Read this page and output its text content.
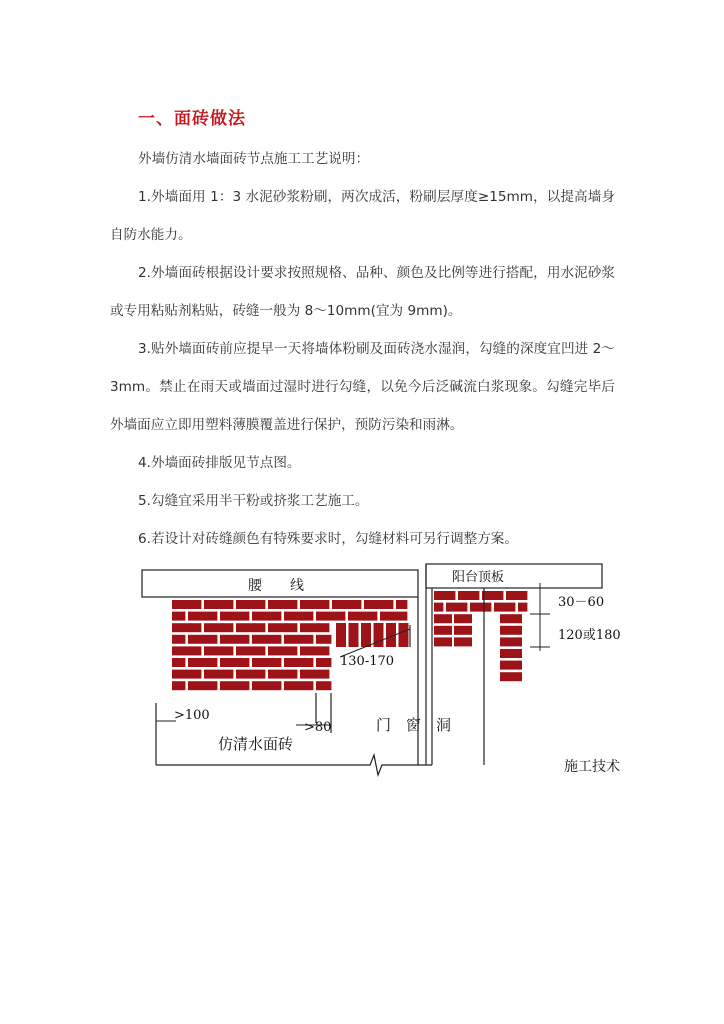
一、面砖做法

外墙仿清水墙面砖节点施工工艺说明：

1.外墙面用 1：3 水泥砂浆粉刷，两次成活，粉刷层厚度≥15mm，以提高墙身自防水能力。

2.外墙面砖根据设计要求按照规格、品种、颜色及比例等进行搭配，用水泥砂浆或专用粘贴剂粘贴，砖缝一般为 8～10mm(宜为 9mm)。

3.贴外墙面砖前应提早一天将墙体粉刷及面砖浇水湿润，勾缝的深度宜凹进 2～3mm。禁止在雨天或墙面过湿时进行勾缝，以免今后泛碱流白浆现象。勾缝完毕后外墙面应立即用塑料薄膜覆盖进行保护，预防污染和雨淋。

4.外墙面砖排版见节点图。

5.勾缝宜采用半干粉或挤浆工艺施工。

6.若设计对砖缝颜色有特殊要求时，勾缝材料可另行调整方案。

腰　　线
阳台顶板
30－60
120或180
130-170
>100
>80
仿清水面砖
门　窗　洞
施工技术
